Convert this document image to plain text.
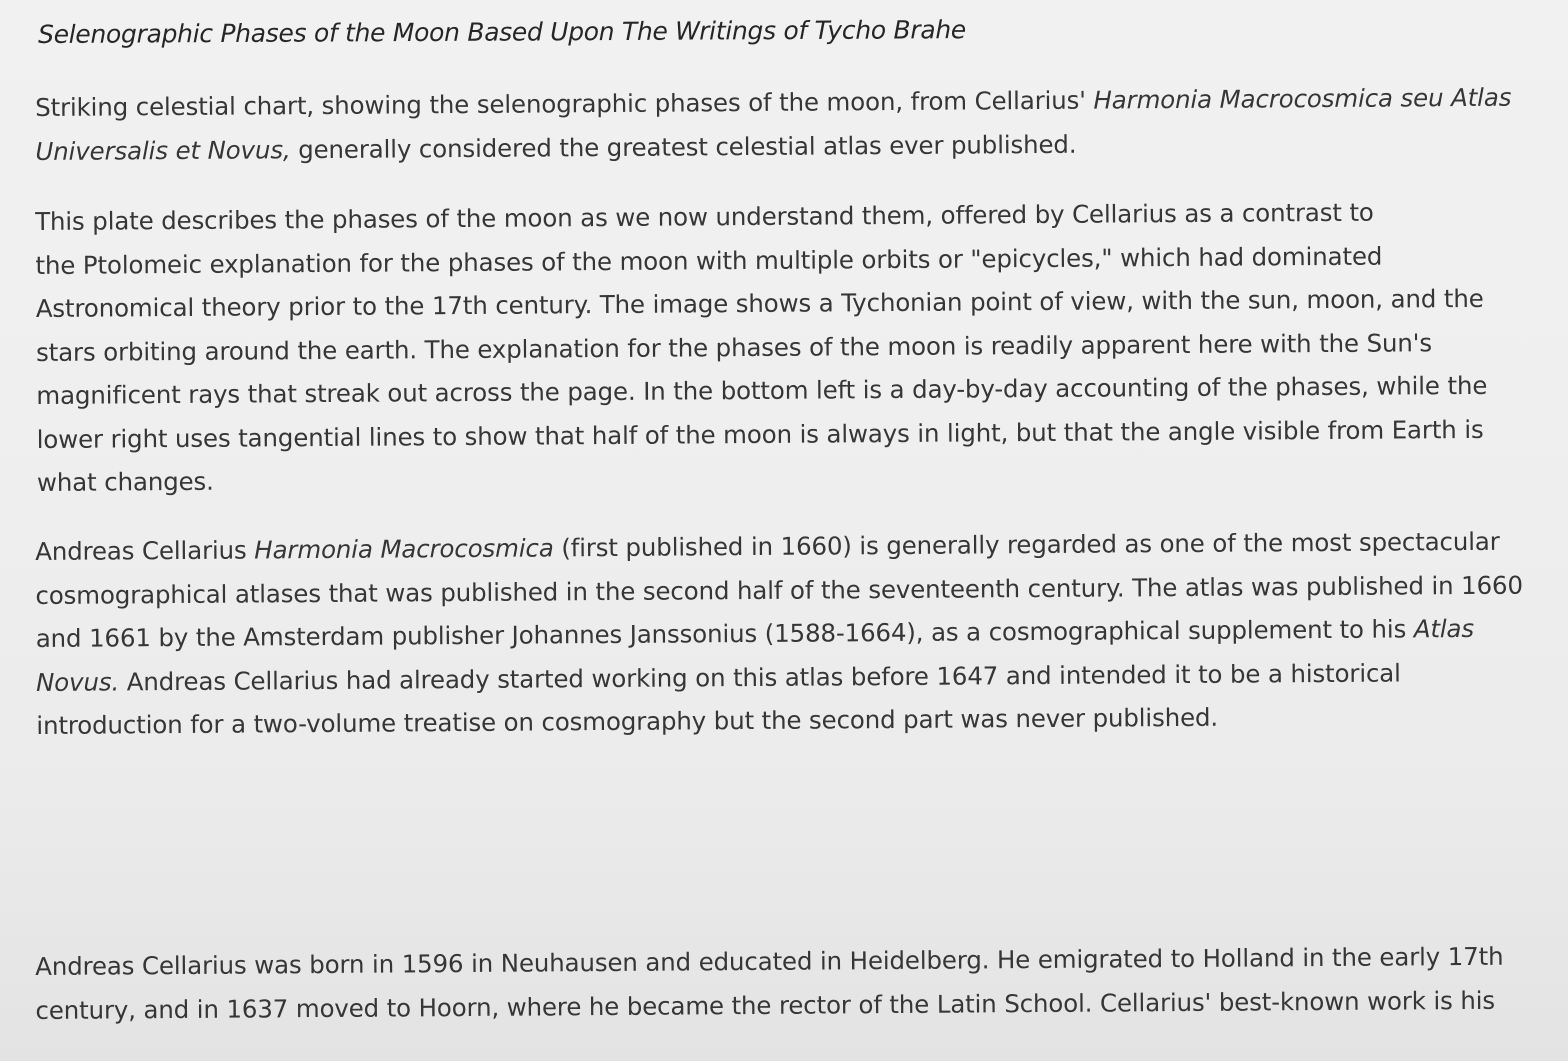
Selenographic Phases of the Moon Based Upon The Writings of Tycho Brahe
Striking celestial chart, showing the selenographic phases of the moon, from Cellarius' Harmonia Macrocosmica seu Atlas
Universalis et Novus, generally considered the greatest celestial atlas ever published.
This plate describes the phases of the moon as we now understand them, offered by Cellarius as a contrast to
the Ptolomeic explanation for the phases of the moon with multiple orbits or "epicycles," which had dominated
Astronomical theory prior to the 17th century. The image shows a Tychonian point of view, with the sun, moon, and the
stars orbiting around the earth. The explanation for the phases of the moon is readily apparent here with the Sun's
magnificent rays that streak out across the page. In the bottom left is a day-by-day accounting of the phases, while the
lower right uses tangential lines to show that half of the moon is always in light, but that the angle visible from Earth is
what changes.
Andreas Cellarius Harmonia Macrocosmica (first published in 1660) is generally regarded as one of the most spectacular
cosmographical atlases that was published in the second half of the seventeenth century. The atlas was published in 1660
and 1661 by the Amsterdam publisher Johannes Janssonius (1588-1664), as a cosmographical supplement to his Atlas
Novus. Andreas Cellarius had already started working on this atlas before 1647 and intended it to be a historical
introduction for a two-volume treatise on cosmography but the second part was never published.
Andreas Cellarius was born in 1596 in Neuhausen and educated in Heidelberg. He emigrated to Holland in the early 17th
century, and in 1637 moved to Hoorn, where he became the rector of the Latin School. Cellarius' best-known work is his
